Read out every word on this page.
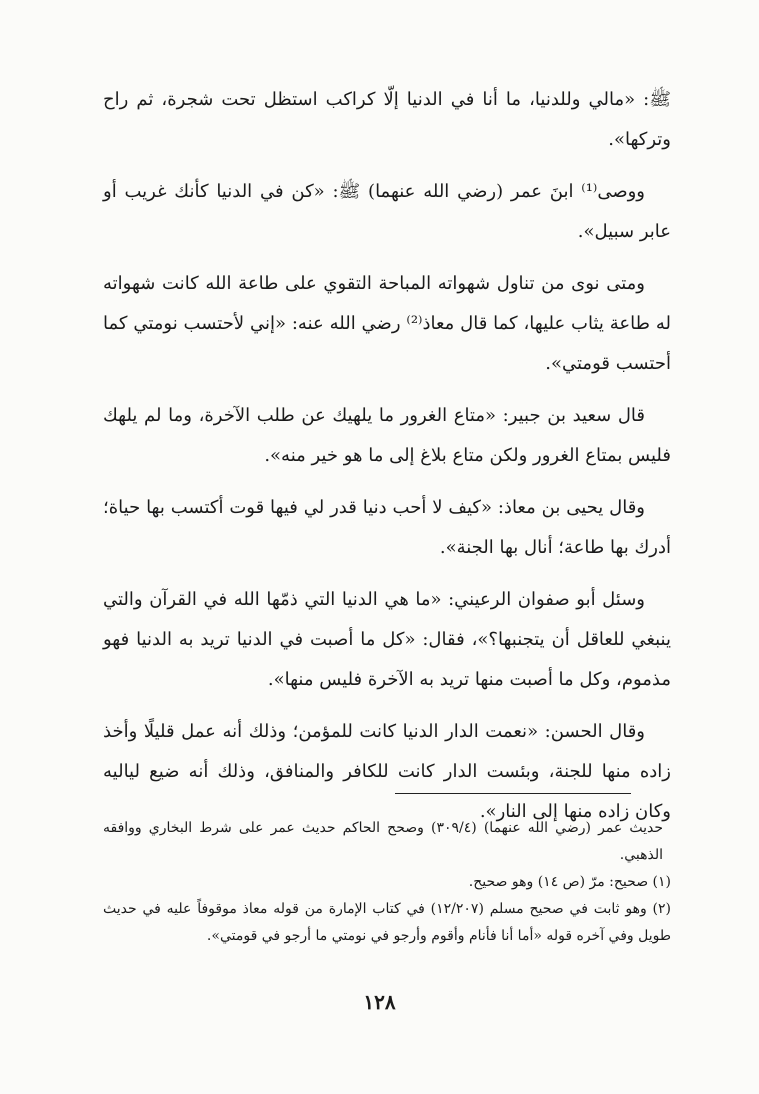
ﷺ: «مالي وللدنيا، ما أنا في الدنيا إلّا كراكب استظل تحت شجرة، ثم راح وتركها».

ووصى⁽¹⁾ ابنَ عمر (رضي الله عنهما) ﷺ: «كن في الدنيا كأنك غريب أو عابر سبيل».

ومتى نوى من تناول شهواته المباحة التقوي على طاعة الله كانت شهواته له طاعة يثاب عليها، كما قال معاذ⁽²⁾ رضي الله عنه: «إني لأحتسب نومتي كما أحتسب قومتي».

قال سعيد بن جبير: «متاع الغرور ما يلهيك عن طلب الآخرة، وما لم يلهك فليس بمتاع الغرور ولكن متاع بلاغ إلى ما هو خير منه».

وقال يحيى بن معاذ: «كيف لا أحب دنيا قدر لي فيها قوت أكتسب بها حياة؛ أدرك بها طاعة؛ أنال بها الجنة».

وسئل أبو صفوان الرعيني: «ما هي الدنيا التي ذمّها الله في القرآن والتي ينبغي للعاقل أن يتجنبها؟»، فقال: «كل ما أصبت في الدنيا تريد به الدنيا فهو مذموم، وكل ما أصبت منها تريد به الآخرة فليس منها».

وقال الحسن: «نعمت الدار الدنيا كانت للمؤمن؛ وذلك أنه عمل قليلًا وأخذ زاده منها للجنة، وبئست الدار كانت للكافر والمنافق، وذلك أنه ضيع لياليه وكان زاده منها إلى النار».

حديث عمر (رضي الله عنهما) (٣٠٩/٤) وصحح الحاكم حديث عمر على شرط البخاري ووافقه الذهبي.

(١) صحيح: مرّ (ص ١٤) وهو صحيح.

(٢) وهو ثابت في صحيح مسلم (١٢/٢٠٧) في كتاب الإمارة من قوله معاذ موقوفاً عليه في حديث طويل وفي آخره قوله «أما أنا فأنام وأقوم وأرجو في نومتي ما أرجو في قومتي».

١٢٨
